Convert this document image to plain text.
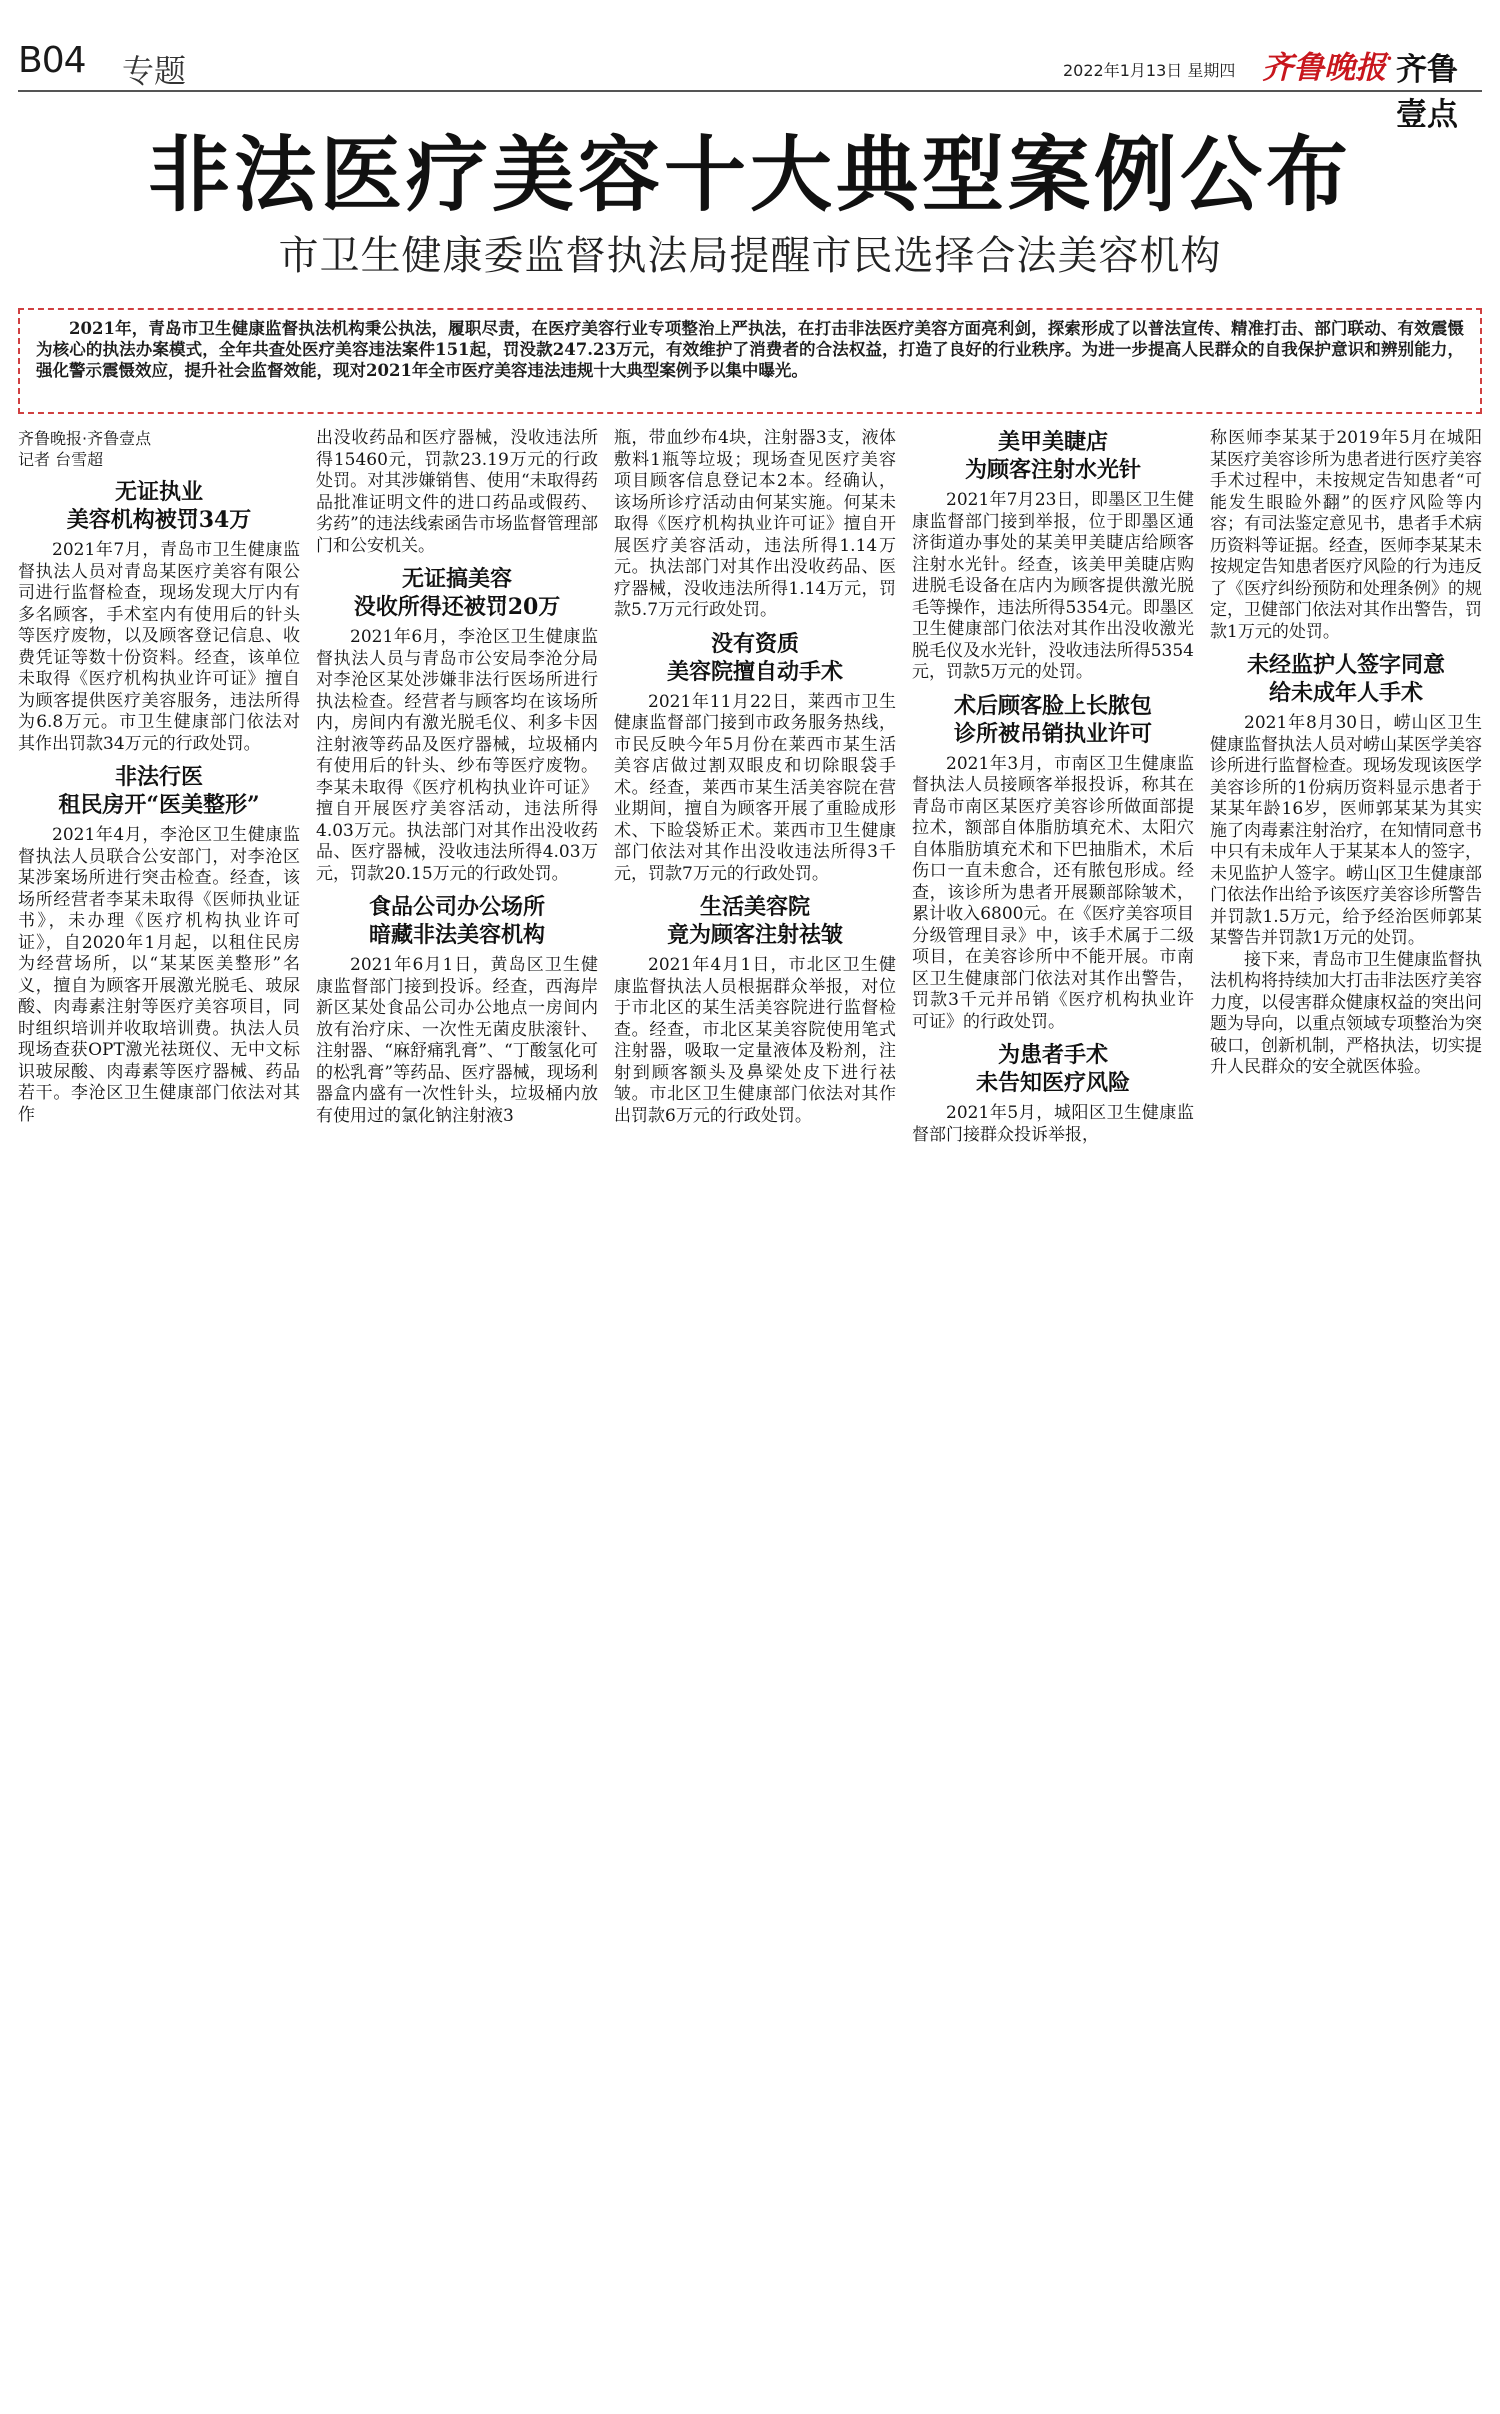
B04 专题	2022年1月13日 星期四 齐鲁晚报 · 齐鲁壹点
非法医疗美容十大典型案例公布
市卫生健康委监督执法局提醒市民选择合法美容机构

2021年，青岛市卫生健康监督执法机构秉公执法，履职尽责，在医疗美容行业专项整治上严执法，在打击非法医疗美容方面亮利剑，探索形成了以普法宣传、精准打击、部门联动、有效震慑为核心的执法办案模式，全年共查处医疗美容违法案件151起，罚没款247.23万元，有效维护了消费者的合法权益，打造了良好的行业秩序。为进一步提高人民群众的自我保护意识和辨别能力，强化警示震慑效应，提升社会监督效能，现对2021年全市医疗美容违法违规十大典型案例予以集中曝光。

齐鲁晚报·齐鲁壹点
记者 台雪超
无证执业
美容机构被罚34万

2021年7月，青岛市卫生健康监督执法人员对青岛某医疗美容有限公司进行监督检查，现场发现大厅内有多名顾客，手术室内有使用后的针头等医疗废物，以及顾客登记信息、收费凭证等数十份资料。经查，该单位未取得《医疗机构执业许可证》擅自为顾客提供医疗美容服务，违法所得为6.8万元。市卫生健康部门依法对其作出罚款34万元的行政处罚。

非法行医
租民房开“医美整形”

2021年4月，李沧区卫生健康监督执法人员联合公安部门，对李沧区某涉案场所进行突击检查。经查，该场所经营者李某未取得《医师执业证书》，未办理《医疗机构执业许可证》，自2020年1月起，以租住民房为经营场所，以“某某医美整形”名义，擅自为顾客开展激光脱毛、玻尿酸、肉毒素注射等医疗美容项目，同时组织培训并收取培训费。执法人员现场查获OPT激光祛斑仪、无中文标识玻尿酸、肉毒素等医疗器械、药品若干。李沧区卫生健康部门依法对其作

出没收药品和医疗器械，没收违法所得15460元，罚款23.19万元的行政处罚。对其涉嫌销售、使用“未取得药品批准证明文件的进口药品或假药、劣药”的违法线索函告市场监督管理部门和公安机关。

无证搞美容
没收所得还被罚20万

2021年6月，李沧区卫生健康监督执法人员与青岛市公安局李沧分局对李沧区某处涉嫌非法行医场所进行执法检查。经营者与顾客均在该场所内，房间内有激光脱毛仪、利多卡因注射液等药品及医疗器械，垃圾桶内有使用后的针头、纱布等医疗废物。李某未取得《医疗机构执业许可证》擅自开展医疗美容活动，违法所得4.03万元。执法部门对其作出没收药品、医疗器械，没收违法所得4.03万元，罚款20.15万元的行政处罚。

食品公司办公场所
暗藏非法美容机构

2021年6月1日，黄岛区卫生健康监督部门接到投诉。经查，西海岸新区某处食品公司办公地点一房间内放有治疗床、一次性无菌皮肤滚针、注射器、“麻舒痛乳膏”、“丁酸氢化可的松乳膏”等药品、医疗器械，现场利器盒内盛有一次性针头，垃圾桶内放有使用过的氯化钠注射液3

瓶，带血纱布4块，注射器3支，液体敷料1瓶等垃圾；现场查见医疗美容项目顾客信息登记本2本。经确认，该场所诊疗活动由何某实施。何某未取得《医疗机构执业许可证》擅自开展医疗美容活动，违法所得1.14万元。执法部门对其作出没收药品、医疗器械，没收违法所得1.14万元，罚款5.7万元行政处罚。

没有资质
美容院擅自动手术

2021年11月22日，莱西市卫生健康监督部门接到市政务服务热线，市民反映今年5月份在莱西市某生活美容店做过割双眼皮和切除眼袋手术。经查，莱西市某生活美容院在营业期间，擅自为顾客开展了重睑成形术、下睑袋矫正术。莱西市卫生健康部门依法对其作出没收违法所得3千元，罚款7万元的行政处罚。

生活美容院
竟为顾客注射祛皱

2021年4月1日，市北区卫生健康监督执法人员根据群众举报，对位于市北区的某生活美容院进行监督检查。经查，市北区某美容院使用笔式注射器，吸取一定量液体及粉剂，注射到顾客额头及鼻梁处皮下进行祛皱。市北区卫生健康部门依法对其作出罚款6万元的行政处罚。

美甲美睫店
为顾客注射水光针

2021年7月23日，即墨区卫生健康监督部门接到举报，位于即墨区通济街道办事处的某美甲美睫店给顾客注射水光针。经查，该美甲美睫店购进脱毛设备在店内为顾客提供激光脱毛等操作，违法所得5354元。即墨区卫生健康部门依法对其作出没收激光脱毛仪及水光针，没收违法所得5354元，罚款5万元的处罚。

术后顾客脸上长脓包
诊所被吊销执业许可

2021年3月，市南区卫生健康监督执法人员接顾客举报投诉，称其在青岛市南区某医疗美容诊所做面部提拉术，额部自体脂肪填充术、太阳穴自体脂肪填充术和下巴抽脂术，术后伤口一直未愈合，还有脓包形成。经查，该诊所为患者开展颞部除皱术，累计收入6800元。在《医疗美容项目分级管理目录》中，该手术属于二级项目，在美容诊所中不能开展。市南区卫生健康部门依法对其作出警告，罚款3千元并吊销《医疗机构执业许可证》的行政处罚。

为患者手术
未告知医疗风险

2021年5月，城阳区卫生健康监督部门接群众投诉举报，

称医师李某某于2019年5月在城阳某医疗美容诊所为患者进行医疗美容手术过程中，未按规定告知患者“可能发生眼睑外翻”的医疗风险等内容；有司法鉴定意见书，患者手术病历资料等证据。经查，医师李某某未按规定告知患者医疗风险的行为违反了《医疗纠纷预防和处理条例》的规定，卫健部门依法对其作出警告，罚款1万元的处罚。

未经监护人签字同意
给未成年人手术

2021年8月30日，崂山区卫生健康监督执法人员对崂山某医学美容诊所进行监督检查。现场发现该医学美容诊所的1份病历资料显示患者于某某年龄16岁，医师郭某某为其实施了肉毒素注射治疗，在知情同意书中只有未成年人于某某本人的签字，未见监护人签字。崂山区卫生健康部门依法作出给予该医疗美容诊所警告并罚款1.5万元，给予经治医师郭某某警告并罚款1万元的处罚。

接下来，青岛市卫生健康监督执法机构将持续加大打击非法医疗美容力度，以侵害群众健康权益的突出问题为导向，以重点领域专项整治为突破口，创新机制，严格执法，切实提升人民群众的安全就医体验。
